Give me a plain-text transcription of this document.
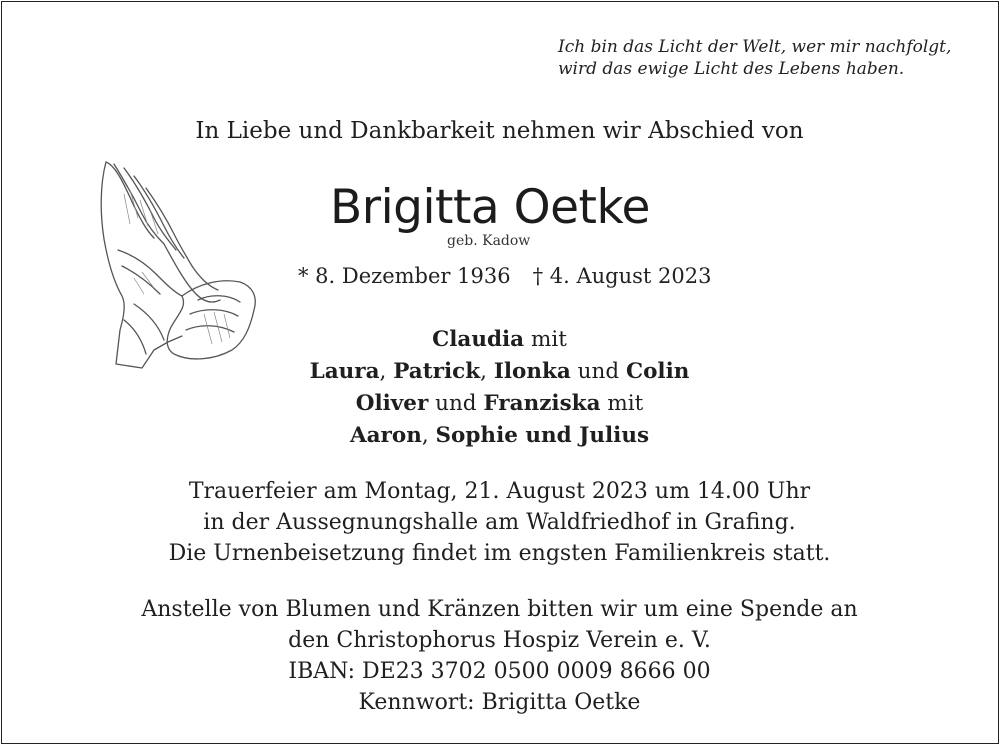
Ich bin das Licht der Welt, wer mir nachfolgt,
wird das ewige Licht des Lebens haben.
In Liebe und Dankbarkeit nehmen wir Abschied von
Brigitta Oetke
geb. Kadow
* 8. Dezember 1936 † 4. August 2023
Claudia mit
Laura, Patrick, Ilonka und Colin
Oliver und Franziska mit
Aaron, Sophie und Julius
Trauerfeier am Montag, 21. August 2023 um 14.00 Uhr
in der Aussegnungshalle am Waldfriedhof in Grafing.
Die Urnenbeisetzung findet im engsten Familienkreis statt.
Anstelle von Blumen und Kränzen bitten wir um eine Spende an
den Christophorus Hospiz Verein e. V.
IBAN: DE23 3702 0500 0009 8666 00
Kennwort: Brigitta Oetke
